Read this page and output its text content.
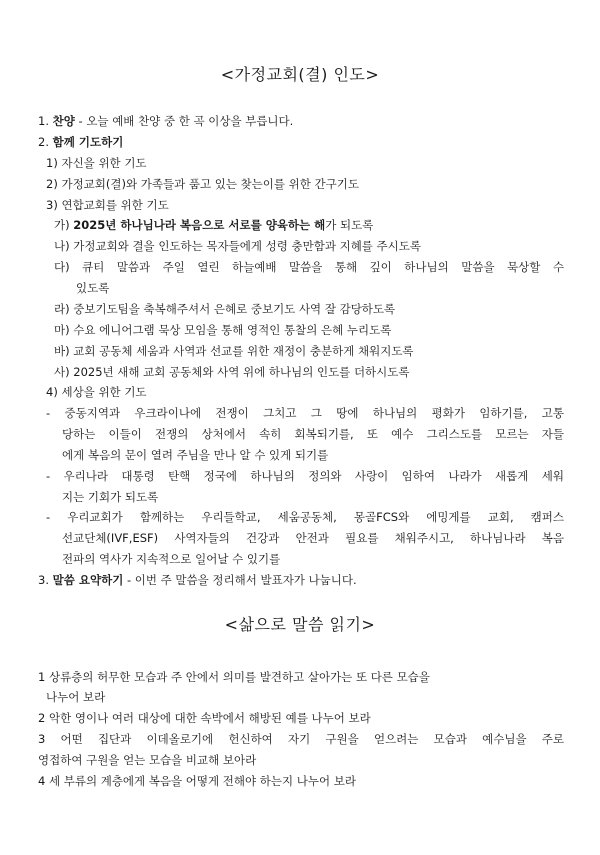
<가정교회(결) 인도>
1. 찬양 - 오늘 예배 찬양 중 한 곡 이상을 부릅니다.
2. 함께 기도하기
1) 자신을 위한 기도
2) 가정교회(결)와 가족들과 품고 있는 찾는이를 위한 간구기도
3) 연합교회를 위한 기도
가) 2025년 하나님나라 복음으로 서로를 양육하는 해가 되도록
나) 가정교회와 결을 인도하는 목자들에게 성령 충만함과 지혜를 주시도록
다) 큐티 말씀과 주일 열린 하늘예배 말씀을 통해 깊이 하나님의 말씀을 묵상할 수
있도록
라) 중보기도팀을 축복해주셔서 은혜로 중보기도 사역 잘 감당하도록
마) 수요 에니어그램 묵상 모임을 통해 영적인 통찰의 은혜 누리도록
바) 교회 공동체 세움과 사역과 선교를 위한 재정이 충분하게 채워지도록
사) 2025년 새해 교회 공동체와 사역 위에 하나님의 인도를 더하시도록
4) 세상을 위한 기도
- 중동지역과 우크라이나에 전쟁이 그치고 그 땅에 하나님의 평화가 임하기를, 고통
당하는 이들이 전쟁의 상처에서 속히 회복되기를, 또 예수 그리스도를 모르는 자들
에게 복음의 문이 열려 주님을 만나 알 수 있게 되기를
- 우리나라 대통령 탄핵 정국에 하나님의 정의와 사랑이 임하여 나라가 새롭게 세워
지는 기회가 되도록
- 우리교회가 함께하는 우리들학교, 세움공동체, 몽골FCS와 에밍게를 교회, 캠퍼스
선교단체(IVF,ESF) 사역자들의 건강과 안전과 필요를 채워주시고, 하나님나라 복음
전파의 역사가 지속적으로 일어날 수 있기를
3. 말씀 요약하기 - 이번 주 말씀을 정리해서 발표자가 나눕니다.
<삶으로 말씀 읽기>
1 상류층의 허무한 모습과 주 안에서 의미를 발견하고 살아가는 또 다른 모습을
나누어 보라
2 악한 영이나 여러 대상에 대한 속박에서 해방된 예를 나누어 보라
3 어떤 집단과 이데올로기에 헌신하여 자기 구원을 얻으려는 모습과 예수님을 주로
영접하여 구원을 얻는 모습을 비교해 보아라
4 세 부류의 계층에게 복음을 어떻게 전해야 하는지 나누어 보라
